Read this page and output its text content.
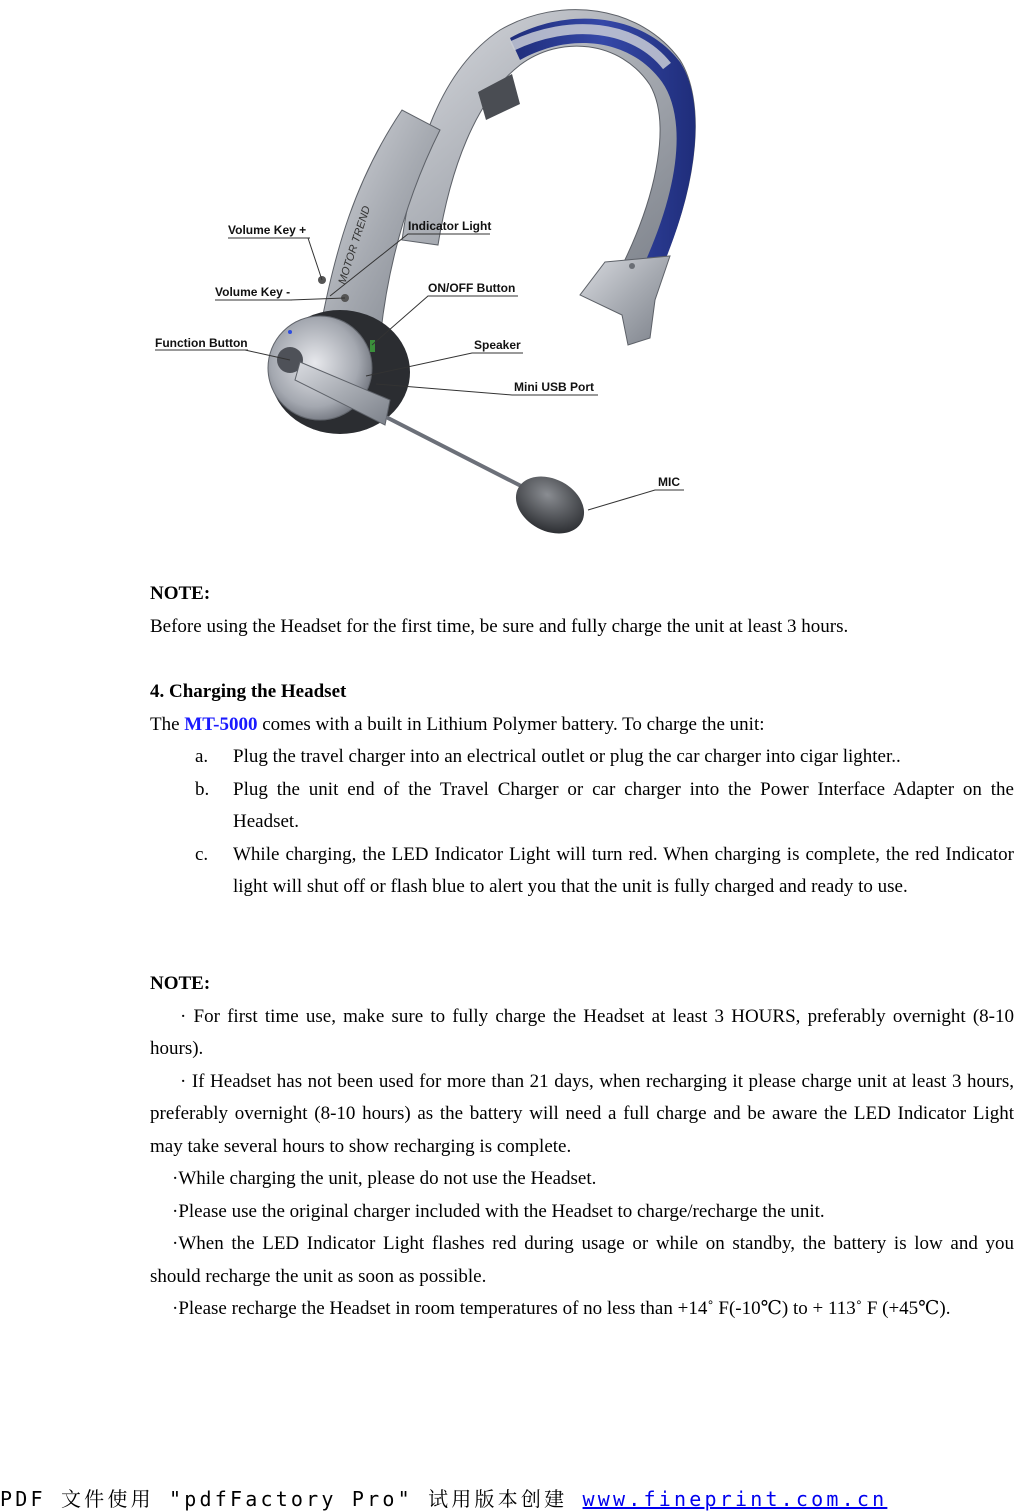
MOTOR TREND
Volume Key +	Indicator Light
Volume Key -	ON/OFF Button
Function Button	Speaker
Mini USB Port
MIC
NOTE:
Before using the Headset for the first time, be sure and fully charge the unit at least 3 hours.
4. Charging the Headset
The MT-5000 comes with a built in Lithium Polymer battery. To charge the unit:
a. Plug the travel charger into an electrical outlet or plug the car charger into cigar lighter..
b. Plug the unit end of the Travel Charger or car charger into the Power Interface Adapter on the Headset.
c. While charging, the LED Indicator Light will turn red. When charging is complete, the red Indicator light will shut off or flash blue to alert you that the unit is fully charged and ready to use.
NOTE:

· For first time use, make sure to fully charge the Headset at least 3 HOURS, preferably overnight (8-10 hours).

· If Headset has not been used for more than 21 days, when recharging it please charge unit at least 3 hours, preferably overnight (8-10 hours) as the battery will need a full charge and be aware the LED Indicator Light may take several hours to show recharging is complete.

·While charging the unit, please do not use the Headset.

·Please use the original charger included with the Headset to charge/recharge the unit.

·When the LED Indicator Light flashes red during usage or while on standby, the battery is low and you should recharge the unit as soon as possible.

·Please recharge the Headset in room temperatures of no less than +14˚ F(-10℃) to + 113˚ F (+45℃).

PDF 文件使用 "pdfFactory Pro" 试用版本创建 www.fineprint.com.cn
